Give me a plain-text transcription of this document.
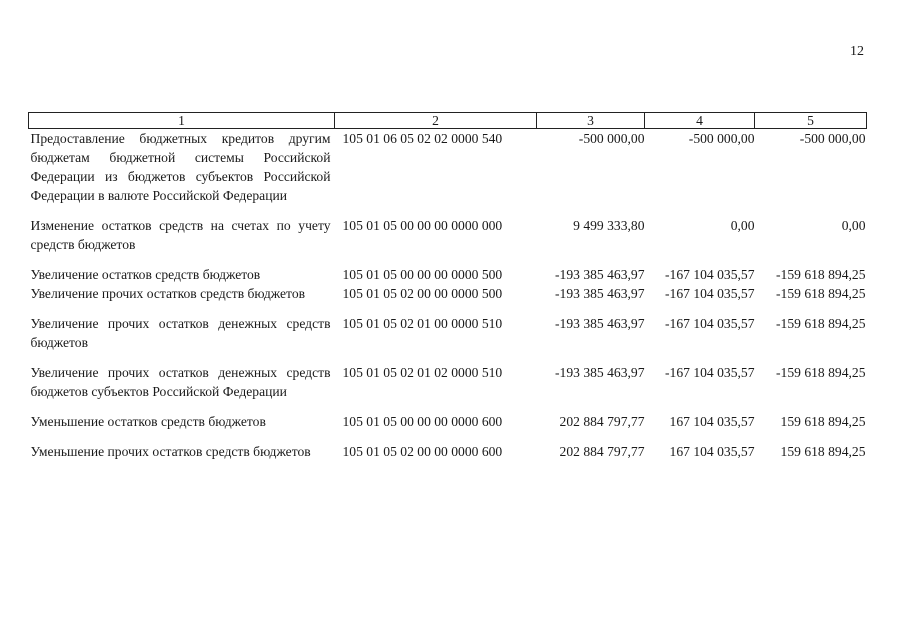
12
1	2	3	4	5
Предоставление бюджетных кредитов другим бюджетам бюджетной системы Российской Федерации из бюджетов субъектов Российской Федерации в валюте Российской Федерации	105 01 06 05 02 02 0000 540	-500 000,00	-500 000,00	-500 000,00

Изменение остатков средств на счетах по учету средств бюджетов	105 01 05 00 00 00 0000 000	9 499 333,80	0,00	0,00

Увеличение остатков средств бюджетов	105 01 05 00 00 00 0000 500	-193 385 463,97	-167 104 035,57	-159 618 894,25
Увеличение прочих остатков средств бюджетов	105 01 05 02 00 00 0000 500	-193 385 463,97	-167 104 035,57	-159 618 894,25

Увеличение прочих остатков денежных средств бюджетов	105 01 05 02 01 00 0000 510	-193 385 463,97	-167 104 035,57	-159 618 894,25

Увеличение прочих остатков денежных средств бюджетов субъектов Российской Федерации	105 01 05 02 01 02 0000 510	-193 385 463,97	-167 104 035,57	-159 618 894,25

Уменьшение остатков средств бюджетов	105 01 05 00 00 00 0000 600	202 884 797,77	167 104 035,57	159 618 894,25

Уменьшение прочих остатков средств бюджетов	105 01 05 02 00 00 0000 600	202 884 797,77	167 104 035,57	159 618 894,25
